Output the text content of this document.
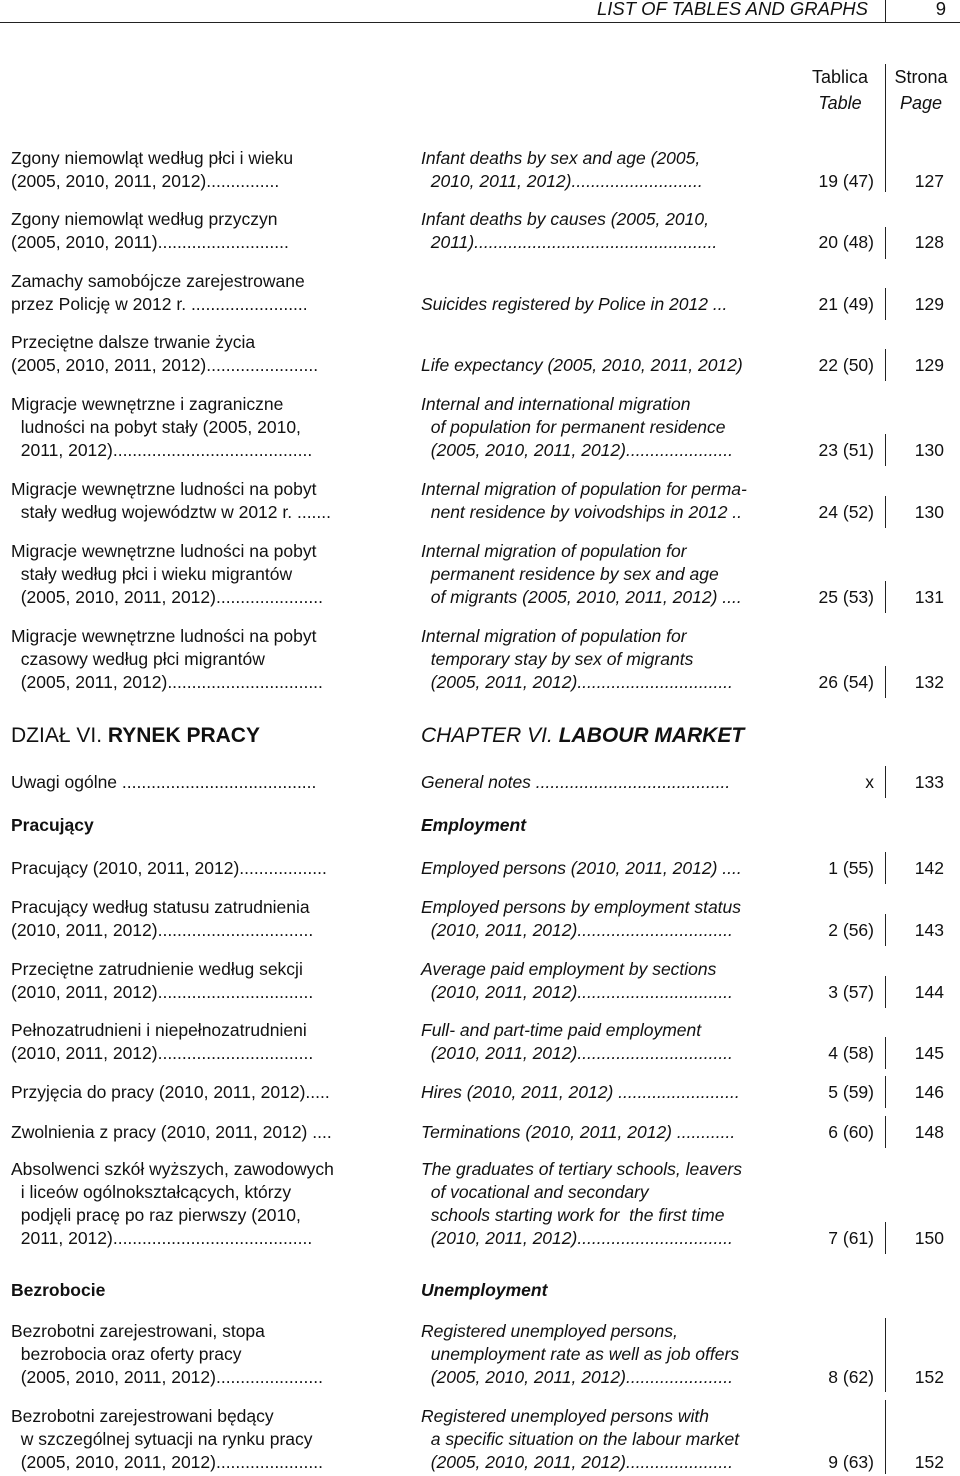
LIST OF TABLES AND GRAPHS	9
Tablica
Table
Strona
Page
Zgony niemowląt według płci i wieku
(2005, 2010, 2011, 2012)...............
Infant deaths by sex and age (2005,
2010, 2011, 2012)...........................	19 (47) 127
Zgony niemowląt według przyczyn
(2005, 2010, 2011)...........................
Infant deaths by causes (2005, 2010,
2011)..................................................	20 (48) 128
Zamachy samobójcze zarejestrowane
przez Policję w 2012 r. ........................	Suicides registered by Police in 2012 ...	21 (49) 129
Przeciętne dalsze trwanie życia
(2005, 2010, 2011, 2012).......................	Life expectancy (2005, 2010, 2011, 2012)	22 (50) 129
Migracje wewnętrzne i zagraniczne
ludności na pobyt stały (2005, 2010,
2011, 2012).........................................
Internal and international migration
of population for permanent residence
(2005, 2010, 2011, 2012)......................	23 (51) 130
Migracje wewnętrzne ludności na pobyt
stały według województw w 2012 r. .......
Internal migration of population for perma-
nent residence by voivodships in 2012 ..	24 (52) 130
Migracje wewnętrzne ludności na pobyt
stały według płci i wieku migrantów
(2005, 2010, 2011, 2012)......................
Internal migration of population for
permanent residence by sex and age
of migrants (2005, 2010, 2011, 2012) ....	25 (53) 131
Migracje wewnętrzne ludności na pobyt
czasowy według płci migrantów
(2005, 2011, 2012)................................
Internal migration of population for
temporary stay by sex of migrants
(2005, 2011, 2012)................................	26 (54) 132
DZIAŁ VI. RYNEK PRACY	CHAPTER VI. LABOUR MARKET
Uwagi ogólne ........................................	General notes ........................................	x 133
Pracujący	Employment
Pracujący (2010, 2011, 2012)..................	Employed persons (2010, 2011, 2012) ....	1 (55) 142
Pracujący według statusu zatrudnienia
(2010, 2011, 2012)................................
Employed persons by employment status
(2010, 2011, 2012)................................	2 (56) 143
Przeciętne zatrudnienie według sekcji
(2010, 2011, 2012)................................
Average paid employment by sections
(2010, 2011, 2012)................................	3 (57) 144
Pełnozatrudnieni i niepełnozatrudnieni
(2010, 2011, 2012)................................
Full- and part-time paid employment
(2010, 2011, 2012)................................	4 (58) 145
Przyjęcia do pracy (2010, 2011, 2012).....	Hires (2010, 2011, 2012) .........................	5 (59) 146
Zwolnienia z pracy (2010, 2011, 2012) ....	Terminations (2010, 2011, 2012) ............	6 (60) 148
Absolwenci szkół wyższych, zawodowych
i liceów ogólnokształcących, którzy
podjęli pracę po raz pierwszy (2010,
2011, 2012).........................................
The graduates of tertiary schools, leavers
of vocational and secondary
schools starting work for  the first time
(2010, 2011, 2012)................................	7 (61) 150
Bezrobocie	Unemployment
Bezrobotni zarejestrowani, stopa
bezrobocia oraz oferty pracy
(2005, 2010, 2011, 2012)......................
Registered unemployed persons,
unemployment rate as well as job offers
(2005, 2010, 2011, 2012)......................	8 (62) 152
Bezrobotni zarejestrowani będący
w szczególnej sytuacji na rynku pracy
(2005, 2010, 2011, 2012)......................
Registered unemployed persons with
a specific situation on the labour market
(2005, 2010, 2011, 2012)......................	9 (63) 152
